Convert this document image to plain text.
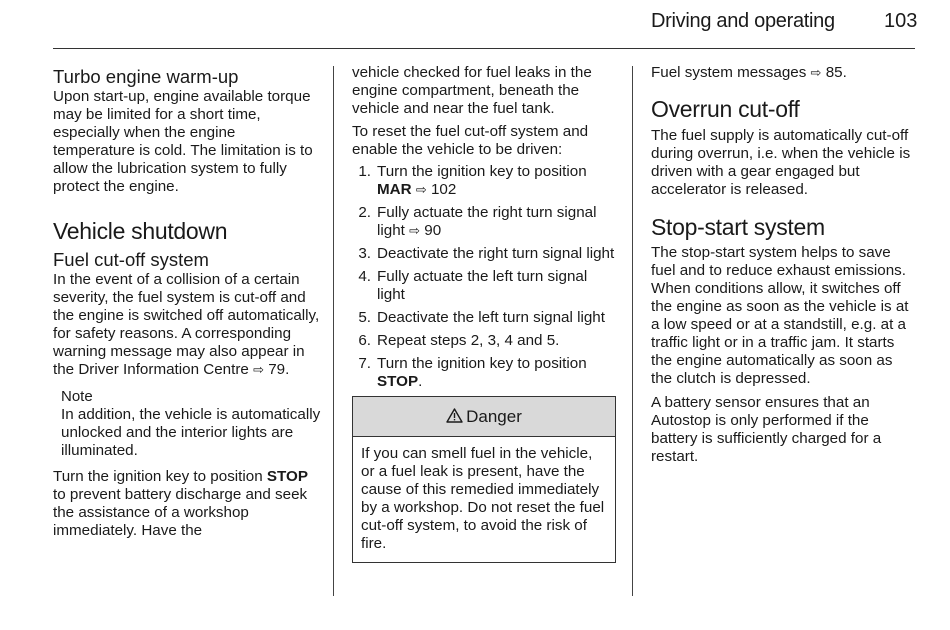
Driving and operating 103
Turbo engine warm-up

Upon start-up, engine available torque may be limited for a short time, especially when the engine temperature is cold. The limitation is to allow the lubrication system to fully protect the engine.

Vehicle shutdown
Fuel cut-off system

In the event of a collision of a certain severity, the fuel system is cut-off and the engine is switched off automatically, for safety reasons. A corresponding warning message may also appear in the Driver Information Centre ⇨ 79.

Note

In addition, the vehicle is automatically unlocked and the interior lights are illuminated.

Turn the ignition key to position STOP to prevent battery discharge and seek the assistance of a workshop immediately. Have the

vehicle checked for fuel leaks in the engine compartment, beneath the vehicle and near the fuel tank.

To reset the fuel cut-off system and enable the vehicle to be driven:

1. Turn the ignition key to position MAR ⇨ 102
2. Fully actuate the right turn signal light ⇨ 90
3. Deactivate the right turn signal light
4. Fully actuate the left turn signal light
5. Deactivate the left turn signal light
6. Repeat steps 2, 3, 4 and 5.
7. Turn the ignition key to position STOP.
Danger
If you can smell fuel in the vehicle, or a fuel leak is present, have the cause of this remedied immediately by a workshop. Do not reset the fuel cut-off system, to avoid the risk of fire.

Fuel system messages ⇨ 85.

Overrun cut-off

The fuel supply is automatically cut-off during overrun, i.e. when the vehicle is driven with a gear engaged but accelerator is released.

Stop-start system

The stop-start system helps to save fuel and to reduce exhaust emissions. When conditions allow, it switches off the engine as soon as the vehicle is at a low speed or at a standstill, e.g. at a traffic light or in a traffic jam. It starts the engine automatically as soon as the clutch is depressed.

A battery sensor ensures that an Autostop is only performed if the battery is sufficiently charged for a restart.
